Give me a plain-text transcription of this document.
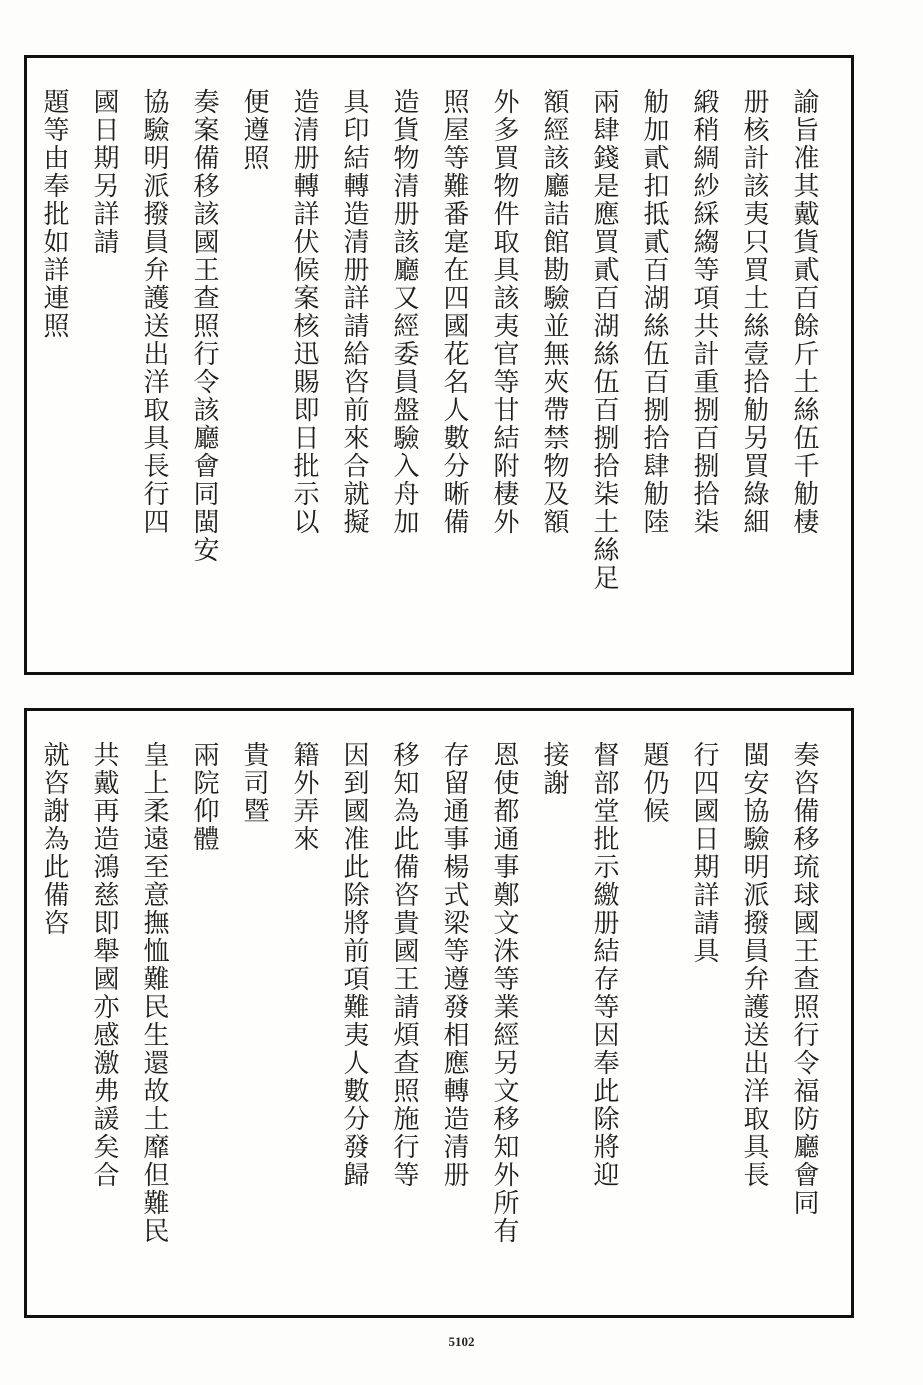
諭旨准其戴貨貳百餘斤土絲伍千觔棲
册核計該夷只買土絲壹拾觔另買綠細
緞稍綢紗綵縐等項共計重捌百捌拾柒
觔加貳扣抵貳百湖絲伍百捌拾肆觔陸
兩肆錢是應買貳百湖絲伍百捌拾柒土絲足
額經該廳詰館勘驗並無夾帶禁物及額
外多買物件取具該夷官等甘結附棲外
照屋等難番寔在四國花名人數分晰備
造貨物清册該廳又經委員盤驗入舟加
具印結轉造清册詳請給咨前來合就擬
造清册轉詳伏候案核迅賜即日批示以
便遵照
奏案備移該國王查照行令該廳會同閩安
協驗明派撥員弁護送出洋取具長行四
國日期另詳請
題等由奉批如詳連照
奏咨備移琉球國王查照行令福防廳會同
閩安協驗明派撥員弁護送出洋取具長
行四國日期詳請具
題仍候
督部堂批示繳册結存等因奉此除將迎
接謝
恩使都通事鄭文洙等業經另文移知外所有
存留通事楊式梁等遵發相應轉造清册
移知為此備咨貴國王請煩查照施行等
因到國准此除將前項難夷人數分發歸
籍外弄來
貴司暨
兩院仰體
皇上柔遠至意撫恤難民生還故土靡但難民
共戴再造鴻慈即舉國亦感激弗諼矣合
就咨謝為此備咨
5102
